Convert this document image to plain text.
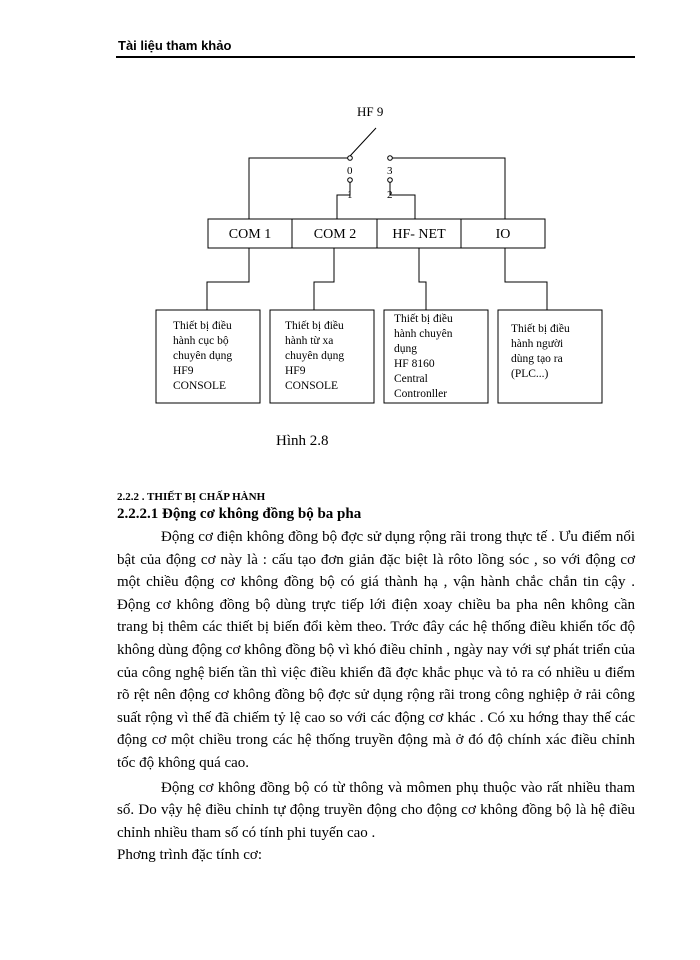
Tài liệu tham khảo
HF 9
0
1	2
3
COM 1	COM 2	HF- NET	IO
Thiết bị điều
hành cục bộ
chuyên dụng
HF9
CONSOLE
Thiết bị điều
hành từ xa
chuyên dụng
HF9
CONSOLE
Thiết bị điều
hành chuyên
dụng
HF 8160
Central
Contronller
Thiết bị điều
hành người
dùng tạo ra
(PLC...)
Hình 2.8
2.2.2 . THIẾT BỊ CHẤP HÀNH
2.2.2.1 Động cơ không đồng bộ ba pha

Động cơ điện không đồng bộ đợc sử dụng rộng rãi trong thực tế . Ưu điểm nổi bật của động cơ này là : cấu tạo đơn giản đặc biệt là rôto lồng sóc , so với động cơ một chiều động cơ không đồng bộ có giá thành hạ , vận hành chắc chắn tin cậy . Động cơ không đồng bộ dùng trực tiếp lới điện xoay chiều ba pha nên không cần trang bị thêm các thiết bị biến đổi kèm theo. Trớc đây các hệ thống điều khiển tốc độ không dùng động cơ không đồng bộ vì khó điều chỉnh , ngày nay với sự phát triển của của công nghệ biến tần thì việc điều khiển đã đợc khắc phục và tỏ ra có nhiều u điểm rõ rệt nên động cơ không đồng bộ đợc sử dụng rộng rãi trong công nghiệp ở rải công suất rộng vì thế đã chiếm tỷ lệ cao so với các động cơ khác . Có xu hớng thay thế các động cơ một chiều trong các hệ thống truyền động mà ở đó độ chính xác điều chỉnh tốc độ không quá cao.

Động cơ không đồng bộ có từ thông và mômen phụ thuộc vào rất nhiều tham số. Do vậy hệ điều chỉnh tự động truyền động cho động cơ không đồng bộ là hệ điều chỉnh nhiều tham số có tính phi tuyến cao .

Phơng trình đặc tính cơ:
